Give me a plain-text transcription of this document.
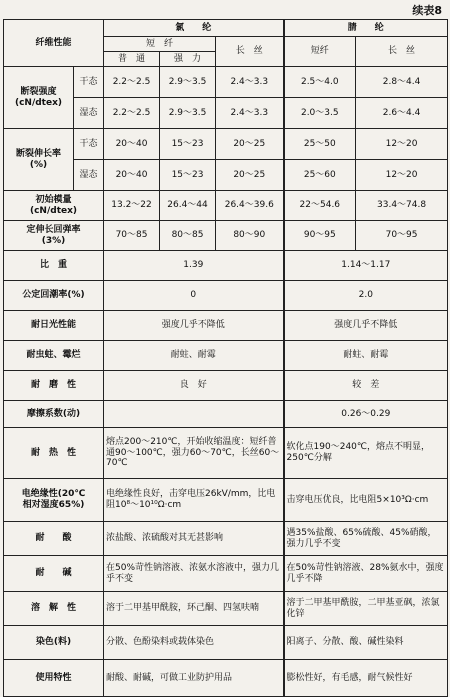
续表8
纤维性能		氯　　纶			腈　　纶	
		短　纤		长　丝	短纤	长　丝
		普　通	强　力			
断裂强度
(cN/dtex)	干态	2.2～2.5	2.9～3.5	2.4～3.3	2.5～4.0	2.8～4.4
	湿态	2.2～2.5	2.9～3.5	2.4～3.3	2.0～3.5	2.6～4.4
断裂伸长率
(%)	干态	20～40	15～23	20～25	25～50	12～20
	湿态	20～40	15～23	20～25	25～60	12～20
初始模量
(cN/dtex)		13.2～22	26.4～44	26.4～39.6	22～54.6	33.4～74.8
定伸长回弹率
(3%)		70～85	80～85	80～90	90～95	70～95
比　重		1.39			1.14～1.17	
公定回潮率(%)		0			2.0	
耐日光性能		强度几乎不降低			强度几乎不降低	
耐虫蛀、霉烂		耐蛀、耐霉			耐蛀、耐霉	
耐　磨　性		良　好			较　差	
摩擦系数(动)					0.26～0.29	
耐　热　性		熔点200～210℃，开始收缩温度：短纤普通90～100℃，强力60～70℃，长丝60～70℃			软化点190～240℃，熔点不明显，250℃分解	
电绝缘性(20℃
相对湿度65%)		电绝缘性良好，击穿电压26kV/mm，比电阻10⁸～10¹⁰Ω·cm			击穿电压优良，比电阻5×10³Ω·cm	
耐　　酸		浓盐酸、浓硫酸对其无甚影响			遇35%盐酸、65%硫酸、45%硝酸，强力几乎不变	
耐　　碱		在50%苛性钠溶液、浓氨水溶液中，强力几乎不变			在50%苛性钠溶液、28%氨水中，强度几乎不降	
溶　解　性		溶于二甲基甲酰胺，环己酮、四氢呋喃			溶于二甲基甲酰胺，二甲基亚砜，浓氯化锌	
染色(料)		分散、色酚染料或载体染色			阳离子、分散、酸、碱性染料	
使用特性		耐酸、耐碱，可做工业防护用品			膨松性好，有毛感，耐气候性好	
